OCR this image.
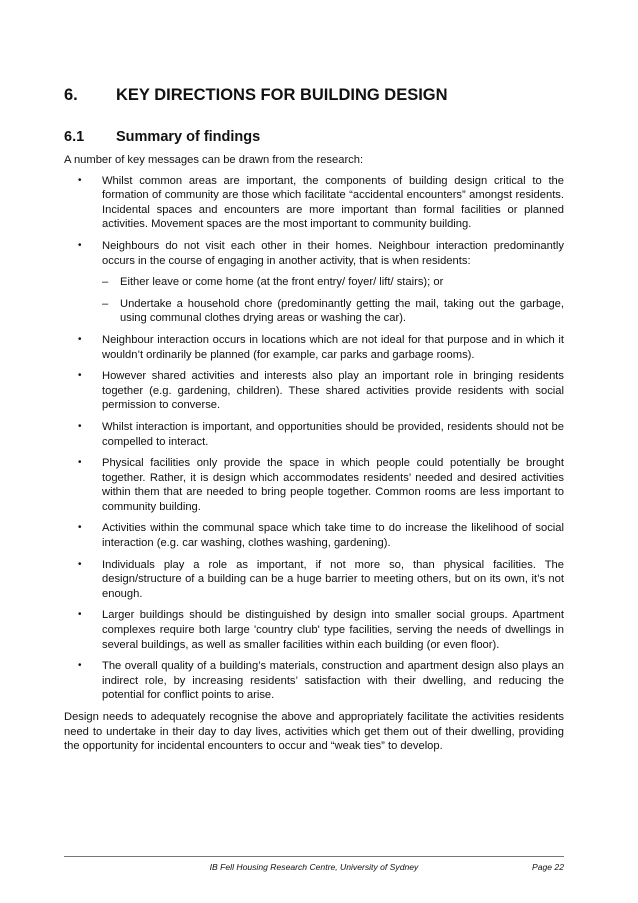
6. KEY DIRECTIONS FOR BUILDING DESIGN
6.1 Summary of findings

A number of key messages can be drawn from the research:

• Whilst common areas are important, the components of building design critical to the formation of community are those which facilitate “accidental encounters” amongst residents. Incidental spaces and encounters are more important than formal facilities or planned activities. Movement spaces are the most important to community building.
• Neighbours do not visit each other in their homes. Neighbour interaction predominantly occurs in the course of engaging in another activity, that is when residents:
– Either leave or come home (at the front entry/ foyer/ lift/ stairs); or
– Undertake a household chore (predominantly getting the mail, taking out the garbage, using communal clothes drying areas or washing the car).
• Neighbour interaction occurs in locations which are not ideal for that purpose and in which it wouldn’t ordinarily be planned (for example, car parks and garbage rooms).
• However shared activities and interests also play an important role in bringing residents together (e.g. gardening, children). These shared activities provide residents with social permission to converse.
• Whilst interaction is important, and opportunities should be provided, residents should not be compelled to interact.
• Physical facilities only provide the space in which people could potentially be brought together. Rather, it is design which accommodates residents’ needed and desired activities within them that are needed to bring people together. Common rooms are less important to community building.
• Activities within the communal space which take time to do increase the likelihood of social interaction (e.g. car washing, clothes washing, gardening).
• Individuals play a role as important, if not more so, than physical facilities. The design/structure of a building can be a huge barrier to meeting others, but on its own, it’s not enough.
• Larger buildings should be distinguished by design into smaller social groups. Apartment complexes require both large 'country club' type facilities, serving the needs of dwellings in several buildings, as well as smaller facilities within each building (or even floor).
• The overall quality of a building’s materials, construction and apartment design also plays an indirect role, by increasing residents’ satisfaction with their dwelling, and reducing the potential for conflict points to arise.

Design needs to adequately recognise the above and appropriately facilitate the activities residents need to undertake in their day to day lives, activities which get them out of their dwelling, providing the opportunity for incidental encounters to occur and “weak ties” to develop.

IB Fell Housing Research Centre, University of Sydney	Page 22
